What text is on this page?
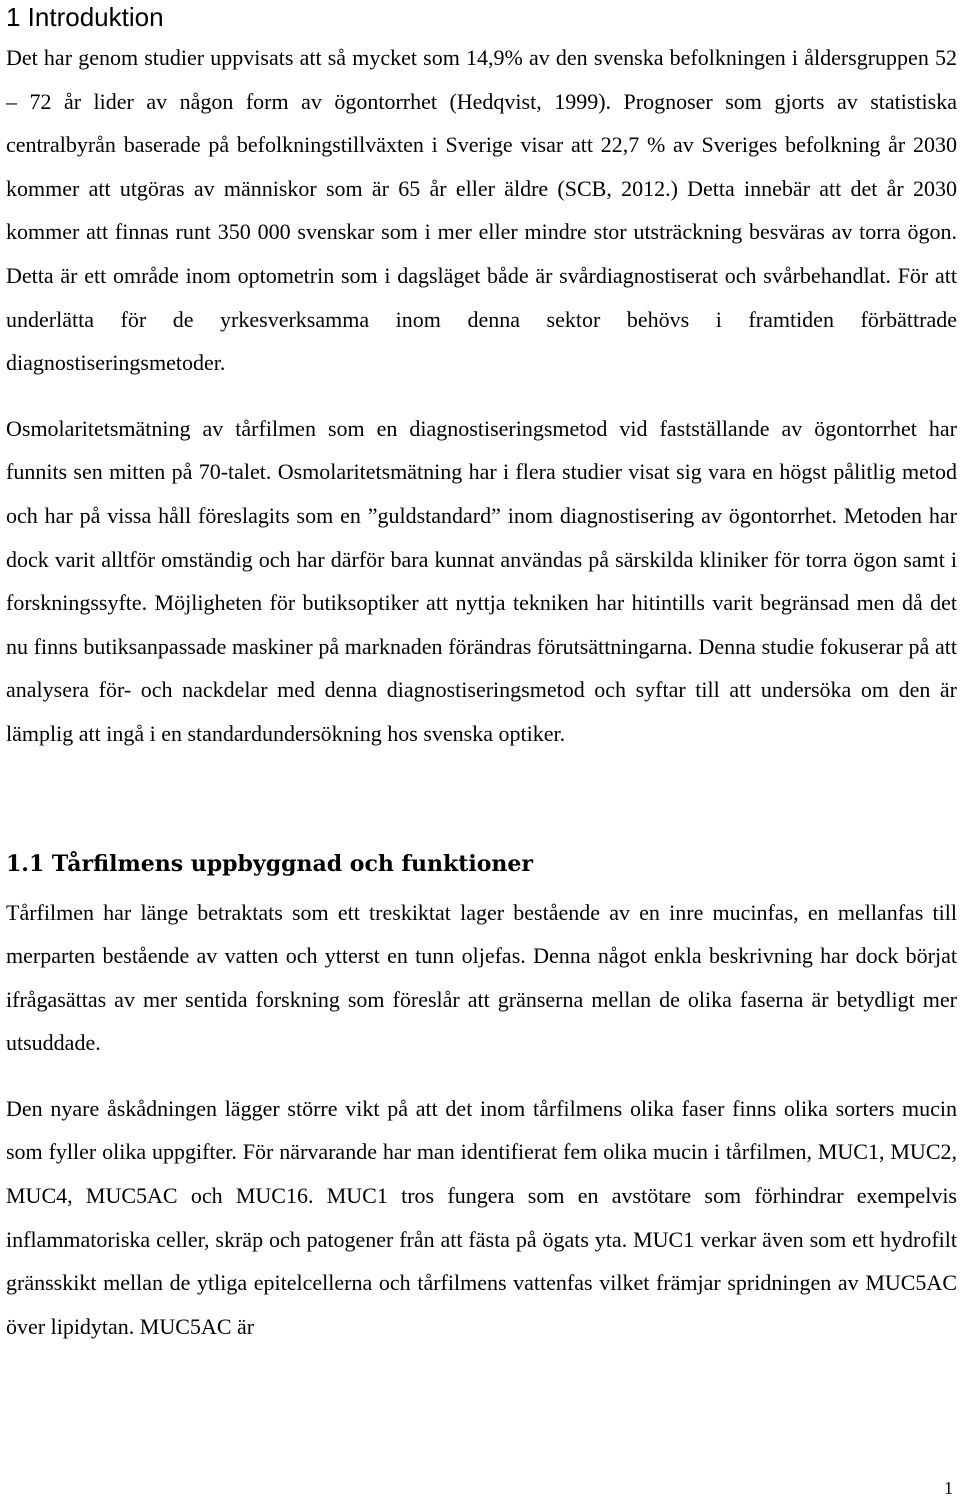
1 Introduktion

Det har genom studier uppvisats att så mycket som 14,9% av den svenska befolkningen i åldersgruppen 52 – 72 år lider av någon form av ögontorrhet (Hedqvist, 1999). Prognoser som gjorts av statistiska centralbyrån baserade på befolkningstillväxten i Sverige visar att 22,7 % av Sveriges befolkning år 2030 kommer att utgöras av människor som är 65 år eller äldre (SCB, 2012.) Detta innebär att det år 2030 kommer att finnas runt 350 000 svenskar som i mer eller mindre stor utsträckning besväras av torra ögon. Detta är ett område inom optometrin som i dagsläget både är svårdiagnostiserat och svårbehandlat. För att underlätta för de yrkesverksamma inom denna sektor behövs i framtiden förbättrade diagnostiseringsmetoder.

Osmolaritetsmätning av tårfilmen som en diagnostiseringsmetod vid fastställande av ögontorrhet har funnits sen mitten på 70-talet. Osmolaritetsmätning har i flera studier visat sig vara en högst pålitlig metod och har på vissa håll föreslagits som en ”guldstandard” inom diagnostisering av ögontorrhet. Metoden har dock varit alltför omständig och har därför bara kunnat användas på särskilda kliniker för torra ögon samt i forskningssyfte. Möjligheten för butiksoptiker att nyttja tekniken har hitintills varit begränsad men då det nu finns butiksanpassade maskiner på marknaden förändras förutsättningarna. Denna studie fokuserar på att analysera för- och nackdelar med denna diagnostiseringsmetod och syftar till att undersöka om den är lämplig att ingå i en standardundersökning hos svenska optiker.

1.1 Tårfilmens uppbyggnad och funktioner

Tårfilmen har länge betraktats som ett treskiktat lager bestående av en inre mucinfas, en mellanfas till merparten bestående av vatten och ytterst en tunn oljefas. Denna något enkla beskrivning har dock börjat ifrågasättas av mer sentida forskning som föreslår att gränserna mellan de olika faserna är betydligt mer utsuddade.

Den nyare åskådningen lägger större vikt på att det inom tårfilmens olika faser finns olika sorters mucin som fyller olika uppgifter. För närvarande har man identifierat fem olika mucin i tårfilmen, MUC1, MUC2, MUC4, MUC5AC och MUC16. MUC1 tros fungera som en avstötare som förhindrar exempelvis inflammatoriska celler, skräp och patogener från att fästa på ögats yta. MUC1 verkar även som ett hydrofilt gränsskikt mellan de ytliga epitelcellerna och tårfilmens vattenfas vilket främjar spridningen av MUC5AC över lipidytan. MUC5AC är

1
